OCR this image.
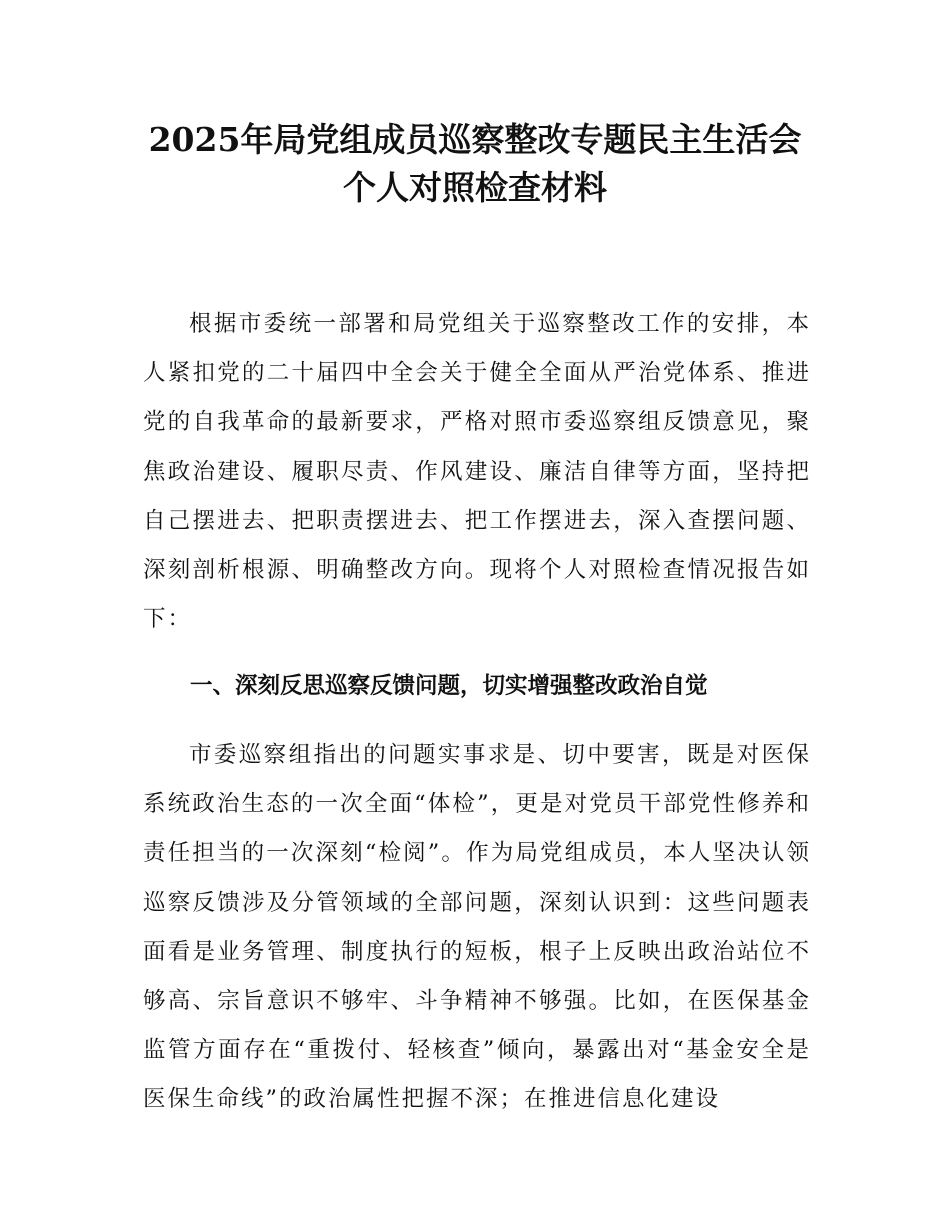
2025年局党组成员巡察整改专题民主生活会
个人对照检查材料

根据市委统一部署和局党组关于巡察整改工作的安排，本人紧扣党的二十届四中全会关于健全全面从严治党体系、推进党的自我革命的最新要求，严格对照市委巡察组反馈意见，聚焦政治建设、履职尽责、作风建设、廉洁自律等方面，坚持把自己摆进去、把职责摆进去、把工作摆进去，深入查摆问题、深刻剖析根源、明确整改方向。现将个人对照检查情况报告如下：

一、深刻反思巡察反馈问题，切实增强整改政治自觉

市委巡察组指出的问题实事求是、切中要害，既是对医保系统政治生态的一次全面“体检”，更是对党员干部党性修养和责任担当的一次深刻“检阅”。作为局党组成员，本人坚决认领巡察反馈涉及分管领域的全部问题，深刻认识到：这些问题表面看是业务管理、制度执行的短板，根子上反映出政治站位不够高、宗旨意识不够牢、斗争精神不够强。比如，在医保基金监管方面存在“重拨付、轻核查”倾向，暴露出对“基金安全是医保生命线”的政治属性把握不深；在推进信息化建设
